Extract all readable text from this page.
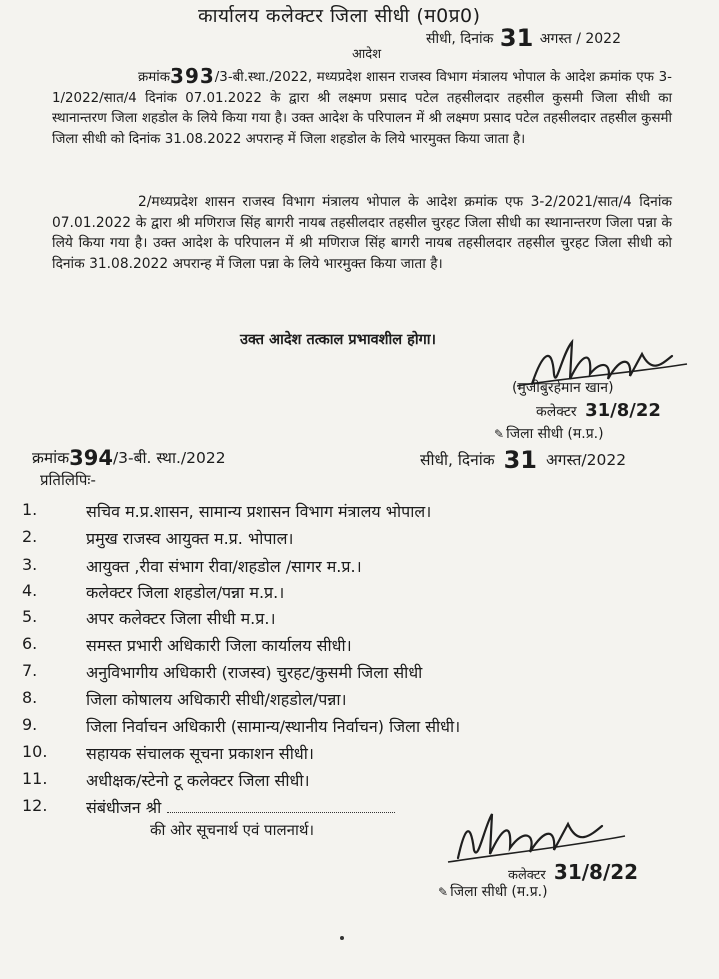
कार्यालय कलेक्टर जिला सीधी (म0प्र0)
सीधी, दिनांक 31 अगस्त / 2022
आदेश
क्रमांक393/3-बी.स्था./2022, मध्यप्रदेश शासन राजस्व विभाग मंत्रालय भोपाल के आदेश क्रमांक एफ 3-1/2022/सात/4 दिनांक 07.01.2022 के द्वारा श्री लक्ष्मण प्रसाद पटेल तहसीलदार तहसील कुसमी जिला सीधी का स्थानान्तरण जिला शहडोल के लिये किया गया है। उक्त आदेश के परिपालन में श्री लक्ष्मण प्रसाद पटेल तहसीलदार तहसील कुसमी जिला सीधी को दिनांक 31.08.2022 अपरान्ह में जिला शहडोल के लिये भारमुक्त किया जाता है।
2/मध्यप्रदेश शासन राजस्व विभाग मंत्रालय भोपाल के आदेश क्रमांक एफ 3-2/2021/सात/4 दिनांक 07.01.2022 के द्वारा श्री मणिराज सिंह बागरी नायब तहसीलदार तहसील चुरहट जिला सीधी का स्थानान्तरण जिला पन्ना के लिये किया गया है। उक्त आदेश के परिपालन में श्री मणिराज सिंह बागरी नायब तहसीलदार तहसील चुरहट जिला सीधी को दिनांक 31.08.2022 अपरान्ह में जिला पन्ना के लिये भारमुक्त किया जाता है।
उक्त आदेश तत्काल प्रभावशील होगा।
(मुजीबुरहेमान खान)
कलेक्टर 31/8/22
✎ जिला सीधी (म.प्र.)
क्रमांक394/3-बी. स्था./2022	सीधी, दिनांक 31 अगस्त/2022
प्रतिलिपिः-
1.	सचिव म.प्र.शासन, सामान्य प्रशासन विभाग मंत्रालय भोपाल।
2.	प्रमुख राजस्व आयुक्त म.प्र. भोपाल।
3.	आयुक्त ,रीवा संभाग रीवा/शहडोल /सागर म.प्र.।
4.	कलेक्टर जिला शहडोल/पन्ना म.प्र.।
5.	अपर कलेक्टर जिला सीधी म.प्र.।
6.	समस्त प्रभारी अधिकारी जिला कार्यालय सीधी।
7.	अनुविभागीय अधिकारी (राजस्व) चुरहट/कुसमी जिला सीधी
8.	जिला कोषालय अधिकारी सीधी/शहडोल/पन्ना।
9.	जिला निर्वाचन अधिकारी (सामान्य/स्थानीय निर्वाचन) जिला सीधी।
10. सहायक संचालक सूचना प्रकाशन सीधी।
11. अधीक्षक/स्टेनो टू कलेक्टर जिला सीधी।
12. संबंधीजन श्री
की ओर सूचनार्थ एवं पालनार्थ।
कलेक्टर 31/8/22
✎ जिला सीधी (म.प्र.)
